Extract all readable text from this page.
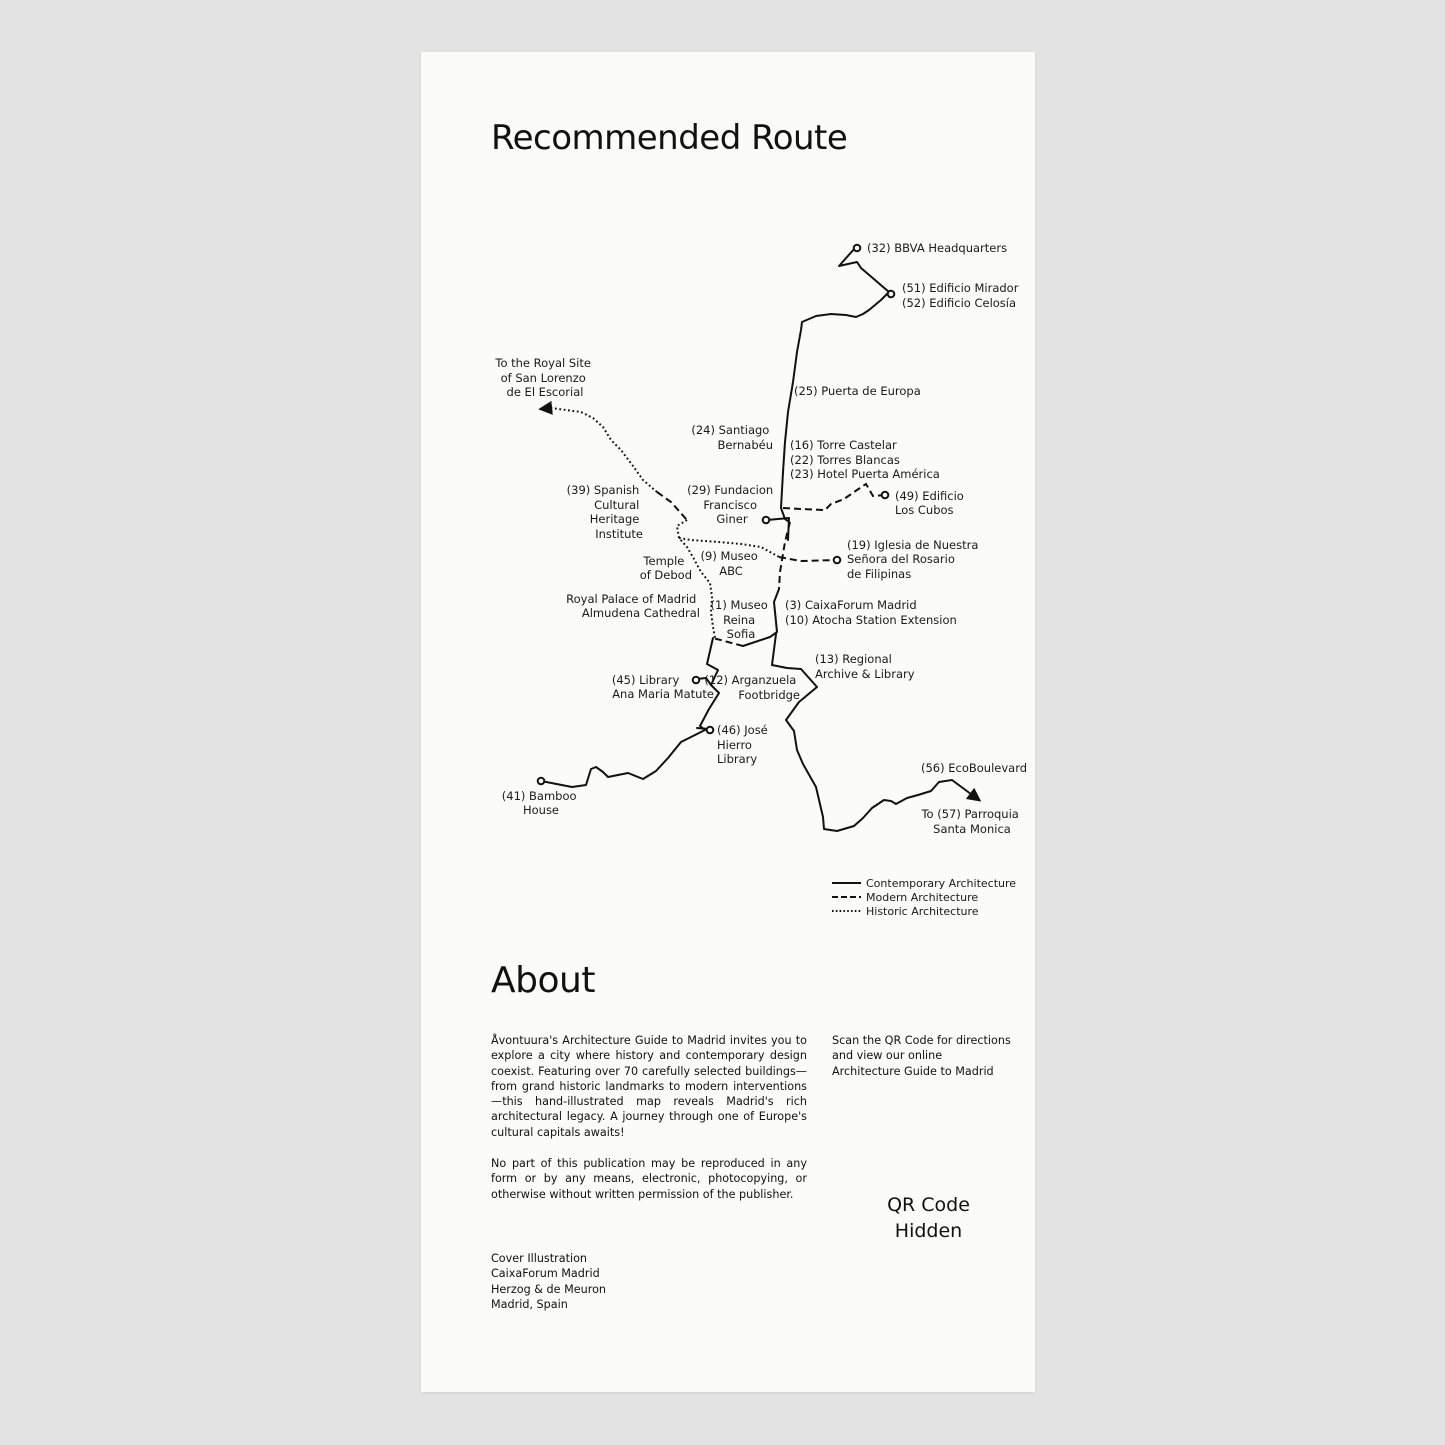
Recommended Route
(32) BBVA Headquarters
(51) Edificio Mirador (52) Edificio Celosía
To the Royal Site of San Lorenzo de El Escorial	(25) Puerta de Europa
(24) Santiago Bernabéu (16) Torre Castelar (22) Torres Blancas (23) Hotel Puerta América
(49) Edificio Los Cubos
(39) Spanish Cultural Heritage Institute
(29) Fundacion Francisco Giner
(19) Iglesia de Nuestra Señora del Rosario de Filipinas
Temple of Debod
(9) Museo ABC
Royal Palace of Madrid Almudena Cathedral
(1) Museo Reina Sofia
(3) CaixaForum Madrid (10) Atocha Station Extension
(13) Regional Archive & Library
(45) Library Ana Maria Matute
(12) Arganzuela Footbridge
(46) José Hierro Library
(56) EcoBoulevard
(41) Bamboo House	To (57) Parroquia Santa Monica
Contemporary Architecture
Modern Architecture
Historic Architecture
About

Åvontuura's Architecture Guide to Madrid invites you to explore a city where history and contemporary design coexist. Featuring over 70 carefully selected buildings—from grand historic landmarks to modern interventions—this hand-illustrated map reveals Madrid's rich architectural legacy. A journey through one of Europe's cultural capitals awaits!

No part of this publication may be reproduced in any form or by any means, electronic, photocopying, or otherwise without written permission of the publisher.

Cover Illustration
CaixaForum Madrid
Herzog & de Meuron
Madrid, Spain

Scan the QR Code for directions and view our online Architecture Guide to Madrid

QR Code
Hidden
